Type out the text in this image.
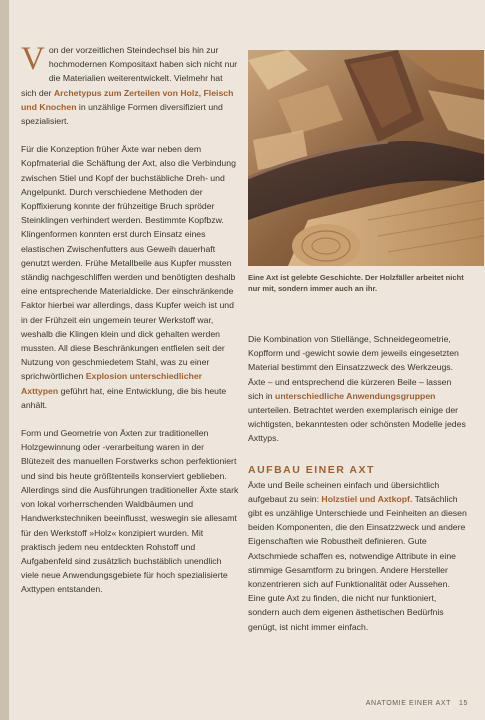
Von der vorzeitlichen Steindechsel bis hin zur hochmodernen Kompositaxt haben sich nicht nur die Materialien weiterentwickelt. Vielmehr hat sich der Archetypus zum Zerteilen von Holz, Fleisch und Knochen in unzählige Formen diversifiziert und spezialisiert.

Für die Konzeption früher Äxte war neben dem Kopfmaterial die Schäftung der Axt, also die Verbindung zwischen Stiel und Kopf der buchstäbliche Dreh- und Angelpunkt. Durch verschiedene Methoden der Kopffixierung konnte der frühzeitige Bruch spröder Steinklingen verhindert werden. Bestimmte Kopfbzw. Klingenformen konnten erst durch Einsatz eines elastischen Zwischenfutters aus Geweih dauerhaft genutzt werden. Frühe Metallbeile aus Kupfer mussten ständig nachgeschliffen werden und benötigten deshalb eine entsprechende Materialdicke. Der einschränkende Faktor hierbei war allerdings, dass Kupfer weich ist und in der Frühzeit ein ungemein teurer Werkstoff war, weshalb die Klingen klein und dick gehalten werden mussten. All diese Beschränkungen entfielen seit der Nutzung von geschmiedetem Stahl, was zu einer sprichwörtlichen Explosion unterschiedlicher Axttypen geführt hat, eine Entwicklung, die bis heute anhält.

Form und Geometrie von Äxten zur traditionellen Holzgewinnung oder -verarbeitung waren in der Blütezeit des manuellen Forstwerks schon perfektioniert und sind bis heute größtenteils konserviert geblieben. Allerdings sind die Ausführungen traditioneller Äxte stark von lokal vorherrschenden Waldbäumen und Handwerkstechniken beeinflusst, weswegin sie allesamt für den Werkstoff »Holz« konzipiert wurden. Mit praktisch jedem neu entdeckten Rohstoff und Aufgabenfeld sind zusätzlich buchstäblich unendlich viele neue Anwendungsgebiete für hoch spezialisierte Axttypen entstanden.

Eine Axt ist gelebte Geschichte. Der Holzfäller arbeitet nicht nur mit, sondern immer auch an ihr.

Die Kombination von Stiellänge, Schneidegeometrie, Kopfform und -gewicht sowie dem jeweils eingesetzten Material bestimmt den Einsatzzweck des Werkzeugs. Äxte – und entsprechend die kürzeren Beile – lassen sich in unterschiedliche Anwendungsgruppen unterteilen. Betrachtet werden exemplarisch einige der wichtigsten, bekanntesten oder schönsten Modelle jedes Axttyps.

AUFBAU EINER AXT

Äxte und Beile scheinen einfach und übersichtlich aufgebaut zu sein: Holzstiel und Axtkopf. Tatsächlich gibt es unzählige Unterschiede und Feinheiten an diesen beiden Komponenten, die den Einsatzzweck und andere Eigenschaften wie Robustheit definieren. Gute Axtschmiede schaffen es, notwendige Attribute in eine stimmige Gesamtform zu bringen. Andere Hersteller konzentrieren sich auf Funktionalität oder Aussehen. Eine gute Axt zu finden, die nicht nur funktioniert, sondern auch dem eigenen ästhetischen Bedürfnis genügt, ist nicht immer einfach.

ANATOMIE EINER AXT 15
